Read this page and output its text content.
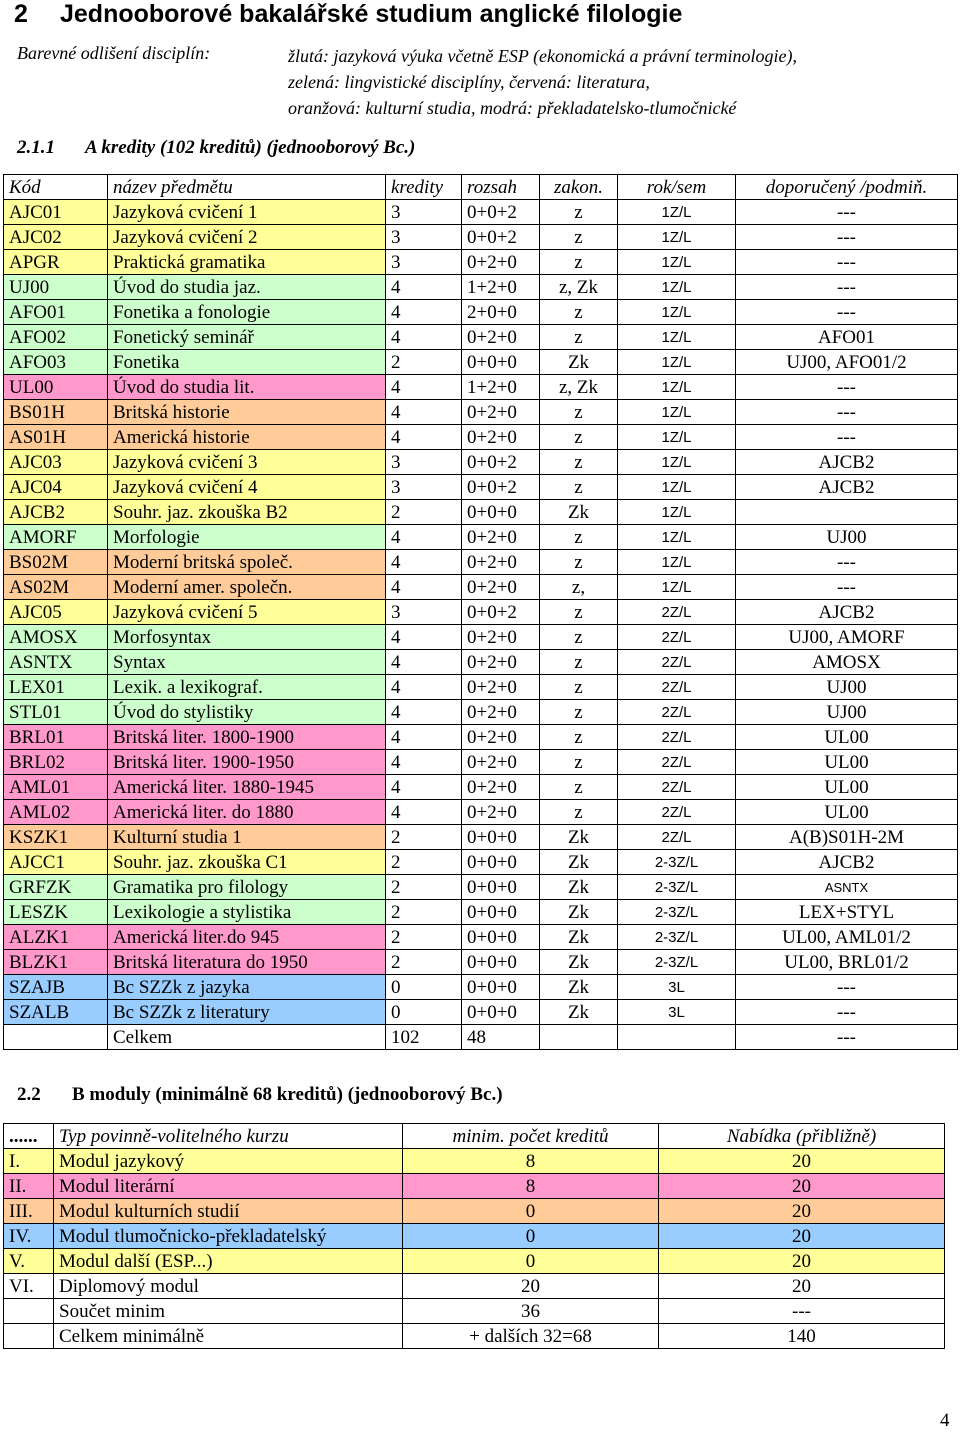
2 Jednooborové bakalářské studium anglické filologie
Barevné odlišení disciplín:	žlutá: jazyková výuka včetně ESP (ekonomická a právní terminologie),
zelená: lingvistické disciplíny, červená: literatura,
oranžová: kulturní studia, modrá: překladatelsko-tlumočnické
2.1.1 A kredity (102 kreditů) (jednooborový Bc.)
Kód	název předmětu	kredity	rozsah	zakon.	rok/sem	doporučený /podmiň.
AJC01	Jazyková cvičení 1	3	0+0+2	z	1Z/L	---
AJC02	Jazyková cvičení 2	3	0+0+2	z	1Z/L	---
APGR	Praktická gramatika	3	0+2+0	z	1Z/L	---
UJ00	Úvod do studia jaz.	4	1+2+0	z, Zk	1Z/L	---
AFO01	Fonetika a fonologie	4	2+0+0	z	1Z/L	---
AFO02	Fonetický seminář	4	0+2+0	z	1Z/L	AFO01
AFO03	Fonetika	2	0+0+0	Zk	1Z/L	UJ00, AFO01/2
UL00	Úvod do studia lit.	4	1+2+0	z, Zk	1Z/L	---
BS01H	Britská historie	4	0+2+0	z	1Z/L	---
AS01H	Americká historie	4	0+2+0	z	1Z/L	---
AJC03	Jazyková cvičení 3	3	0+0+2	z	1Z/L	AJCB2
AJC04	Jazyková cvičení 4	3	0+0+2	z	1Z/L	AJCB2
AJCB2	Souhr. jaz. zkouška B2	2	0+0+0	Zk	1Z/L	
AMORF	Morfologie	4	0+2+0	z	1Z/L	UJ00
BS02M	Moderní britská společ.	4	0+2+0	z	1Z/L	---
AS02M	Moderní amer. společn.	4	0+2+0	z,	1Z/L	---
AJC05	Jazyková cvičení 5	3	0+0+2	z	2Z/L	AJCB2
AMOSX	Morfosyntax	4	0+2+0	z	2Z/L	UJ00, AMORF
ASNTX	Syntax	4	0+2+0	z	2Z/L	AMOSX
LEX01	Lexik. a lexikograf.	4	0+2+0	z	2Z/L	UJ00
STL01	Úvod do stylistiky	4	0+2+0	z	2Z/L	UJ00
BRL01	Britská liter. 1800-1900	4	0+2+0	z	2Z/L	UL00
BRL02	Britská liter. 1900-1950	4	0+2+0	z	2Z/L	UL00
AML01	Americká liter. 1880-1945	4	0+2+0	z	2Z/L	UL00
AML02	Americká liter. do 1880	4	0+2+0	z	2Z/L	UL00
KSZK1	Kulturní studia 1	2	0+0+0	Zk	2Z/L	A(B)S01H-2M
AJCC1	Souhr. jaz. zkouška C1	2	0+0+0	Zk	2-3Z/L	AJCB2
GRFZK	Gramatika pro filology	2	0+0+0	Zk	2-3Z/L	ASNTX
LESZK	Lexikologie a stylistika	2	0+0+0	Zk	2-3Z/L	LEX+STYL
ALZK1	Americká liter.do 945	2	0+0+0	Zk	2-3Z/L	UL00, AML01/2
BLZK1	Britská literatura do 1950	2	0+0+0	Zk	2-3Z/L	UL00, BRL01/2
SZAJB	Bc SZZk z jazyka	0	0+0+0	Zk	3L	---
SZALB	Bc SZZk z literatury	0	0+0+0	Zk	3L	---
	Celkem	102	48			---
2.2 B moduly (minimálně 68 kreditů) (jednooborový Bc.)
......	Typ povinně-volitelného kurzu	minim. počet kreditů	Nabídka (přibližně)
I.	Modul jazykový	8	20
II.	Modul literární	8	20
III.	Modul kulturních studií	0	20
IV.	Modul tlumočnicko-překladatelský	0	20
V.	Modul další (ESP...)	0	20
VI.	Diplomový modul	20	20
	Součet minim	36	---
	Celkem minimálně	+ dalších 32=68	140
4
